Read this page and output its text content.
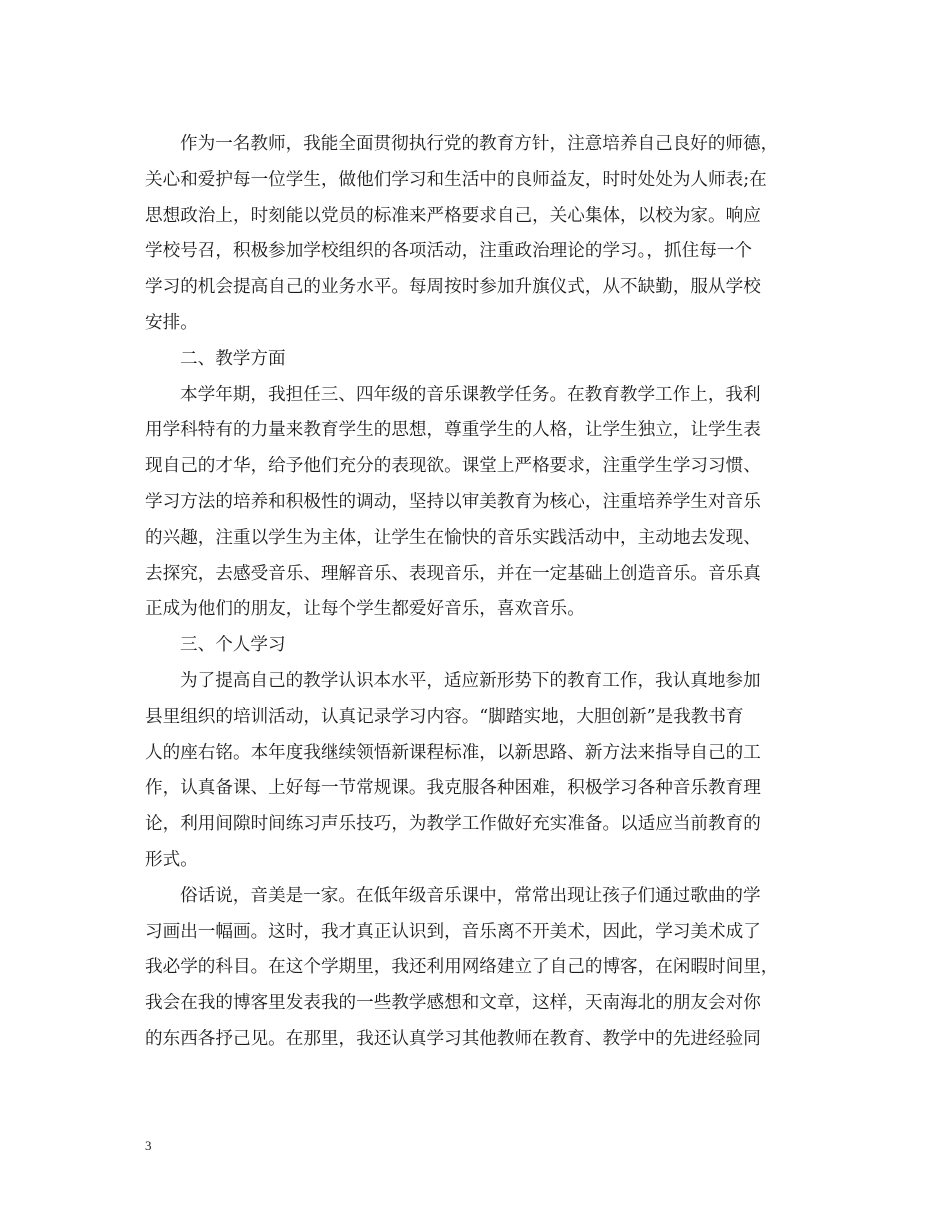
作为一名教师，我能全面贯彻执行党的教育方针，注意培养自己良好的师德，
关心和爱护每一位学生，做他们学习和生活中的良师益友，时时处处为人师表;在
思想政治上，时刻能以党员的标准来严格要求自己，关心集体，以校为家。响应
学校号召，积极参加学校组织的各项活动，注重政治理论的学习。，抓住每一个
学习的机会提高自己的业务水平。每周按时参加升旗仪式，从不缺勤，服从学校
安排。
二、教学方面
本学年期，我担任三、四年级的音乐课教学任务。在教育教学工作上，我利
用学科特有的力量来教育学生的思想，尊重学生的人格，让学生独立，让学生表
现自己的才华，给予他们充分的表现欲。课堂上严格要求，注重学生学习习惯、
学习方法的培养和积极性的调动，坚持以审美教育为核心，注重培养学生对音乐
的兴趣，注重以学生为主体，让学生在愉快的音乐实践活动中，主动地去发现、
去探究，去感受音乐、理解音乐、表现音乐，并在一定基础上创造音乐。音乐真
正成为他们的朋友，让每个学生都爱好音乐，喜欢音乐。
三、个人学习
为了提高自己的教学认识本水平，适应新形势下的教育工作，我认真地参加
县里组织的培训活动，认真记录学习内容。“脚踏实地，大胆创新”是我教书育
人的座右铭。本年度我继续领悟新课程标准，以新思路、新方法来指导自己的工
作，认真备课、上好每一节常规课。我克服各种困难，积极学习各种音乐教育理
论，利用间隙时间练习声乐技巧，为教学工作做好充实准备。以适应当前教育的
形式。
俗话说，音美是一家。在低年级音乐课中，常常出现让孩子们通过歌曲的学
习画出一幅画。这时，我才真正认识到，音乐离不开美术，因此，学习美术成了
我必学的科目。在这个学期里，我还利用网络建立了自己的博客，在闲暇时间里，
我会在我的博客里发表我的一些教学感想和文章，这样，天南海北的朋友会对你
的东西各抒己见。在那里，我还认真学习其他教师在教育、教学中的先进经验同
3
